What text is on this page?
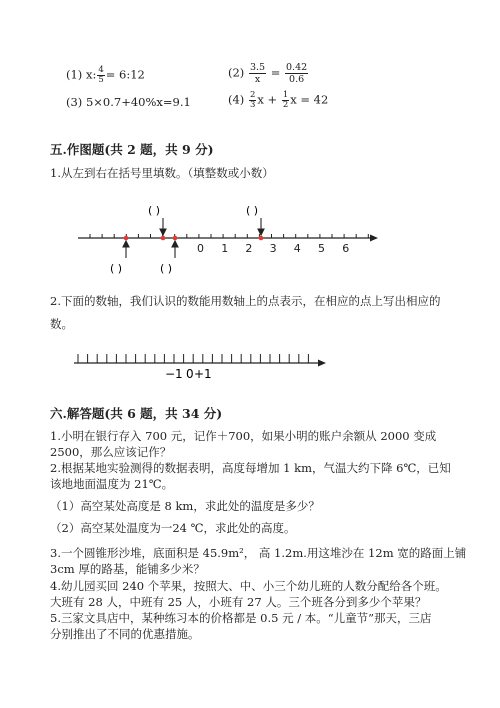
(1) x: $\frac{4}{5}$ = 6:12	$(2) \frac{3.5}{x} = \frac{0.42}{0.6}$
(3) 5×0.7+40%x=9.1	$(4) \frac{2}{3}$ $x + \frac{1}{2}$ x = 42
五.作图题(共 2 题，共 9 分)
1.从左到右在括号里填数。（填整数或小数）
0 1 2 3 4 5 6
( )	( )
( )	( )
2.下面的数轴，我们认识的数能用数轴上的点表示，在相应的点上写出相应的
数。
−1 0 +1
六.解答题(共 6 题，共 34 分)
1.小明在银行存入 700 元，记作＋700，如果小明的账户余额从 2000 变成
2500，那么应该记作？
2.根据某地实验测得的数据表明，高度每增加 1 km，气温大约下降 6℃，已知
该地地面温度为 21℃。
（1）高空某处高度是 8 km，求此处的温度是多少？
（2）高空某处温度为一24 ℃，求此处的高度。
3.一个圆锥形沙堆，底面积是 45.9m²， 高 1.2m.用这堆沙在 12m 宽的路面上铺
3cm 厚的路基，能铺多少米？
4.幼儿园买回 240 个苹果，按照大、中、小三个幼儿班的人数分配给各个班。
大班有 28 人，中班有 25 人，小班有 27 人。三个班各分到多少个苹果？
5.三家文具店中，某种练习本的价格都是 0.5 元 / 本。“儿童节”那天，三店
分别推出了不同的优惠措施。
